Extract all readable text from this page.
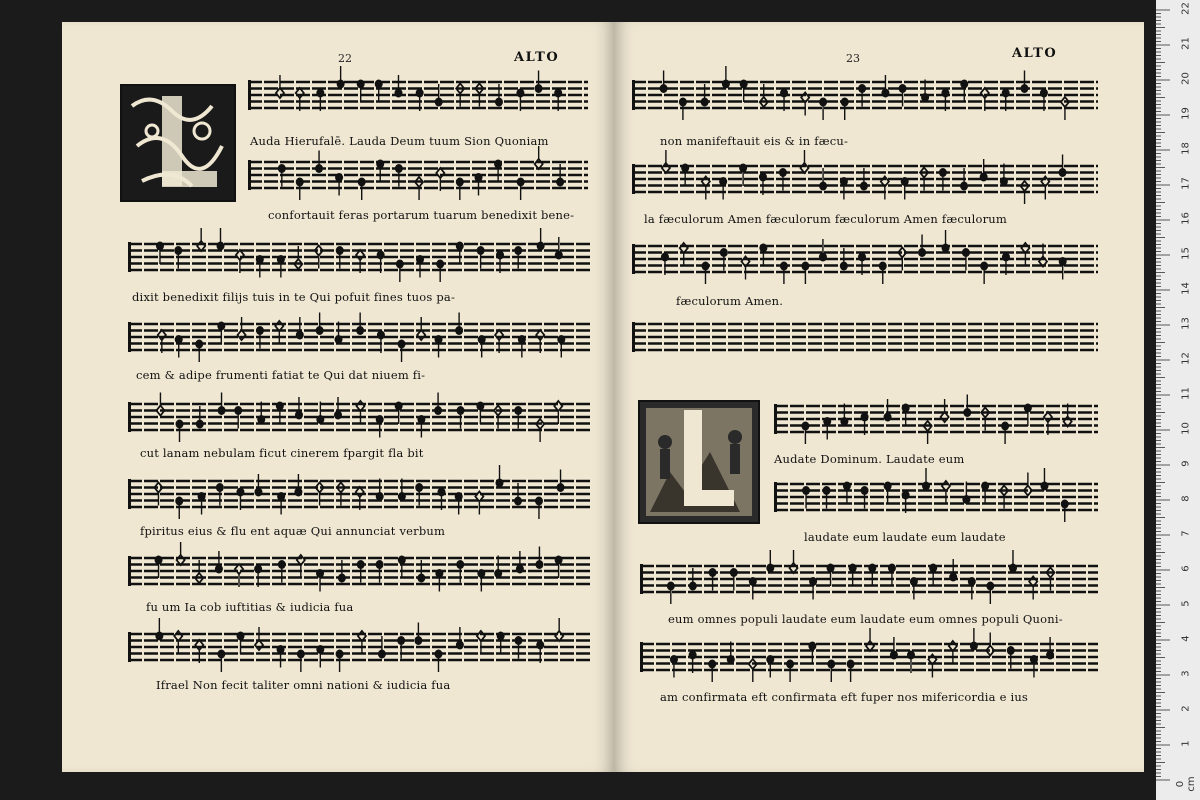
22	ALTO
Auda Hierufalē. Lauda Deum tuum Sion Quoniam
confortauit feras portarum tuarum benedixit bene-
dixit benedixit filijs tuis in te Qui pofuit fines tuos pa-
cem & adipe frumenti fatiat te Qui dat niuem fi-
cut lanam nebulam ficut cinerem fpargit fla bit
fpiritus eius & flu ent aquæ Qui annunciat verbum
fu um Ia cob iuftitias & iudicia fua
Ifrael Non fecit taliter omni nationi & iudicia fua
23	ALTO
non manifeftauit eis & in fæcu-
la fæculorum Amen fæculorum fæculorum Amen fæculorum
fæculorum Amen.
Audate Dominum. Laudate eum
laudate eum laudate eum laudate
eum omnes populi laudate eum laudate eum omnes populi Quoni-
am confirmata eft confirmata eft fuper nos mifericordia e ius
0 cm
1
2
3
4
5
6
7
8
9
10
11
12
13
14
15
16
17
18
19
20
21
22
